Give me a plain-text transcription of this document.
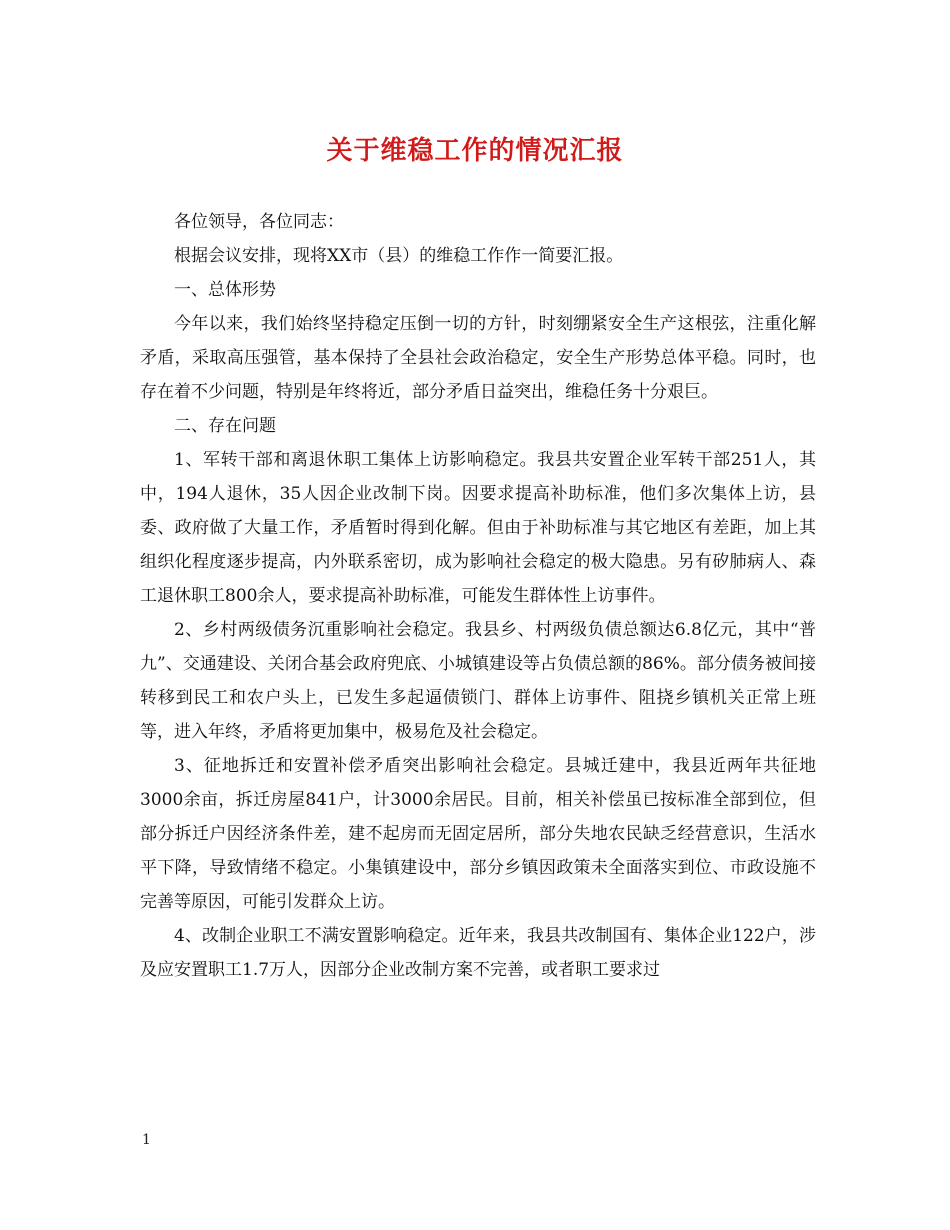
关于维稳工作的情况汇报

各位领导，各位同志：

根据会议安排，现将XX市（县）的维稳工作作一简要汇报。

一、总体形势

今年以来，我们始终坚持稳定压倒一切的方针，时刻绷紧安全生产这根弦，注重化解矛盾，采取高压强管，基本保持了全县社会政治稳定，安全生产形势总体平稳。同时，也存在着不少问题，特别是年终将近，部分矛盾日益突出，维稳任务十分艰巨。

二、存在问题

1、军转干部和离退休职工集体上访影响稳定。我县共安置企业军转干部251人，其中，194人退休，35人因企业改制下岗。因要求提高补助标准，他们多次集体上访，县委、政府做了大量工作，矛盾暂时得到化解。但由于补助标准与其它地区有差距，加上其组织化程度逐步提高，内外联系密切，成为影响社会稳定的极大隐患。另有矽肺病人、森工退休职工800余人，要求提高补助标准，可能发生群体性上访事件。

2、乡村两级债务沉重影响社会稳定。我县乡、村两级负债总额达6.8亿元，其中“普九”、交通建设、关闭合基会政府兜底、小城镇建设等占负债总额的86%。部分债务被间接转移到民工和农户头上，已发生多起逼债锁门、群体上访事件、阻挠乡镇机关正常上班等，进入年终，矛盾将更加集中，极易危及社会稳定。

3、征地拆迁和安置补偿矛盾突出影响社会稳定。县城迁建中，我县近两年共征地3000余亩，拆迁房屋841户，计3000余居民。目前，相关补偿虽已按标准全部到位，但部分拆迁户因经济条件差，建不起房而无固定居所，部分失地农民缺乏经营意识，生活水平下降，导致情绪不稳定。小集镇建设中，部分乡镇因政策未全面落实到位、市政设施不完善等原因，可能引发群众上访。

4、改制企业职工不满安置影响稳定。近年来，我县共改制国有、集体企业122户，涉及应安置职工1.7万人，因部分企业改制方案不完善，或者职工要求过

1
